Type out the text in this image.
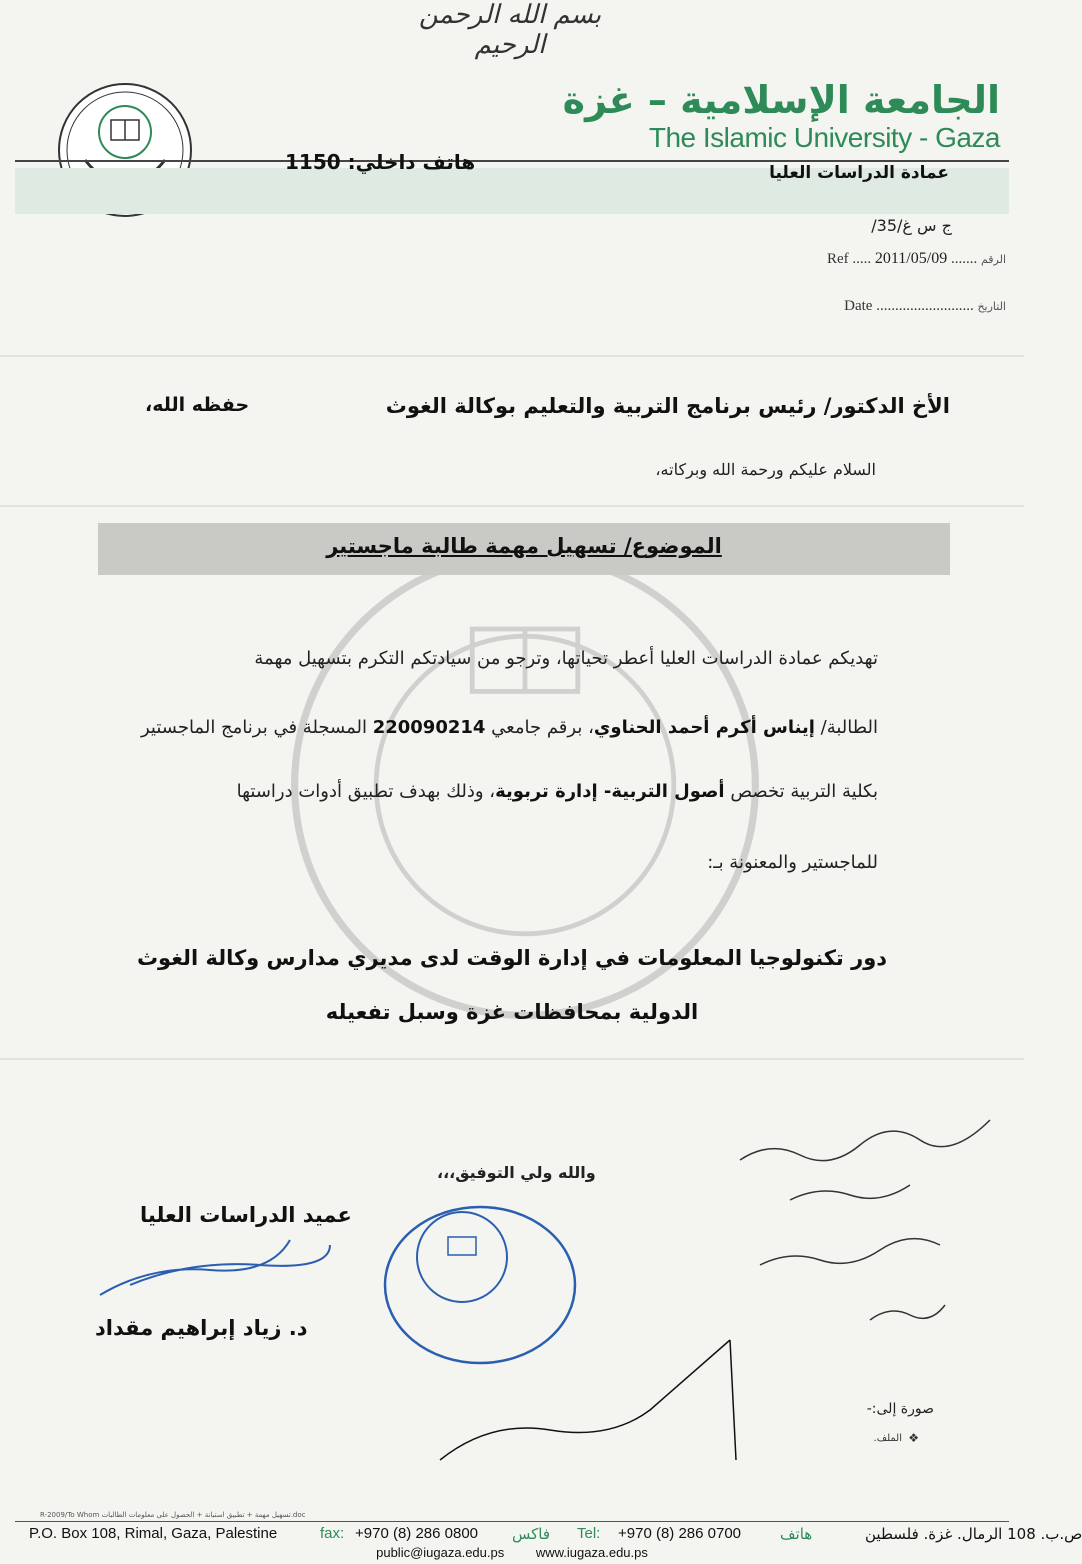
بسم الله الرحمن الرحيم
الجامعة الإسلامية – غزة
The Islamic University - Gaza
هاتف داخلي: 1150	عمادة الدراسات العليا
ج س غ/35/
Ref ..... 2011/05/09 ....... الرقم
Date .......................... التاريخ
الأخ الدكتور/ رئيس برنامج التربية والتعليم بوكالة الغوث
حفظه الله،
السلام عليكم ورحمة الله وبركاته،
الموضوع/ تسهيل مهمة طالبة ماجستير
تهديكم عمادة الدراسات العليا أعطر تحياتها، وترجو من سيادتكم التكرم بتسهيل مهمة
الطالبة/ إيناس أكرم أحمد الحناوي، برقم جامعي 220090214 المسجلة في برنامج الماجستير
بكلية التربية تخصص أصول التربية- إدارة تربوية، وذلك بهدف تطبيق أدوات دراستها
للماجستير والمعنونة بـ:
دور تكنولوجيا المعلومات في إدارة الوقت لدى مديري مدارس وكالة الغوث
الدولية بمحافظات غزة وسبل تفعيله
والله ولي التوفيق،،،
عميد الدراسات العليا
د. زياد إبراهيم مقداد
صورة إلى:-
❖
الملف.
R-2009/To Whom تسهيل مهمة + تطبيق استبانة + الحصول على معلومات الطالبات.doc
P.O. Box 108, Rimal, Gaza, Palestine	fax: +970 (8) 286 0800 فاكس Tel: +970 (8) 286 0700	هاتف	ص.ب. 108 الرمال. غزة. فلسطين
public@iugaza.edu.ps www.iugaza.edu.ps
